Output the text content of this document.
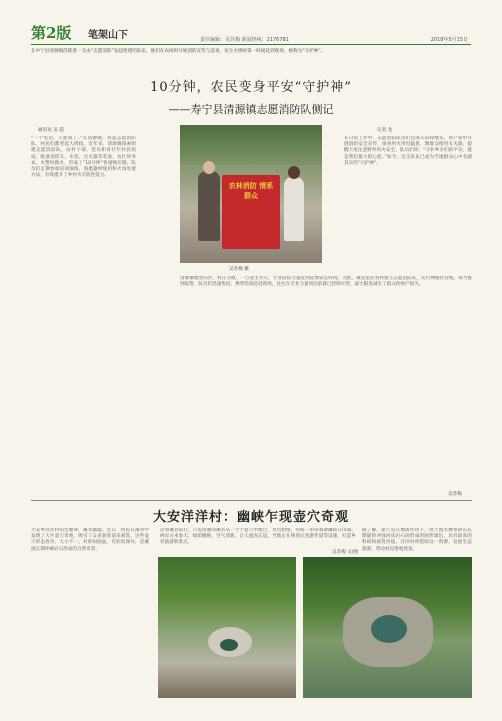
第2版 笔架山下	责任编辑：吴苏梅 新闻热线：2176781	2018年5月15日
在中宁县清源镇活跃着一支由“志愿消防”发起组建的队伍，他们在农闲时开展消防宣传与巡查，发生火情时第一时间赶到现场，被称为“守护神”。
10分钟，农民变身平安“守护神”
——寿宁县清源镇志愿消防队侧记
通讯员 吴 超	记者 龙
“一个电话，人就到了。”在清源镇，说起志愿消防队，村民们都竖起大拇指。近年来，清源镇探索组建志愿消防队，由村干部、党员和青壮年村民组成，配备消防车、水泵、灭火器等装备，农忙时务农，火警时救火，形成了“10分钟”快速响应圈。队员们定期参加培训演练，熟悉器材使用和火场处置方法，有效提升了乡村火灾防控能力。
农林消防 情系群众
吴苏梅 摄
清源镇地处山区，村庄分散，一旦发生火灾，专业消防力量赶到需要较长时间。为此，镇里依托各村建立志愿消防队，实行网格化管理。每当接到报警，队员们迅速集结，携带装备赶赴现场，往往在专业力量到达前就已控制火势，最大限度减少了群众的财产损失。
在日常工作中，志愿消防队员们还深入田间地头、农户家中开展消防安全宣传，排查用火用电隐患，教群众使用灭火器，提醒大家注意野外用火安全。队员们说：“守护乡亲们的平安，就是我们最大的心愿。”如今，这支队伍已成为当地群众心中名副其实的“守护神”。
吴苏梅
大安洋洋村：幽峡乍现壶穴奇观
大安乡洋洋村山峦叠翠，溪水潺潺。近日，村民在溪谷中发现了大片壶穴奇观，吸引了众多游客前来观赏。这些壶穴形态各异，大小不一，有的如圆盆，有的似深井，是溪流长期冲刷岩石形成的自然奇景。
沿着溪谷前行，只见清澈的溪水从一个个壶穴中流过，水色碧绿，宛如一串串翡翠镶嵌在山间。两岸古木参天，绿荫掩映，空气清新，让人流连忘返。当地正在规划完善游步道等设施，打造乡村旅游新景点。
据了解，壶穴是在地质作用下，由于流水携带砂石长期旋转冲蚀河床岩石而形成的圆形深坑，具有较高的科研和观赏价值。洋洋村将借助这一资源，发展生态旅游，带动村民增收致富。
吴苏梅 文/图
